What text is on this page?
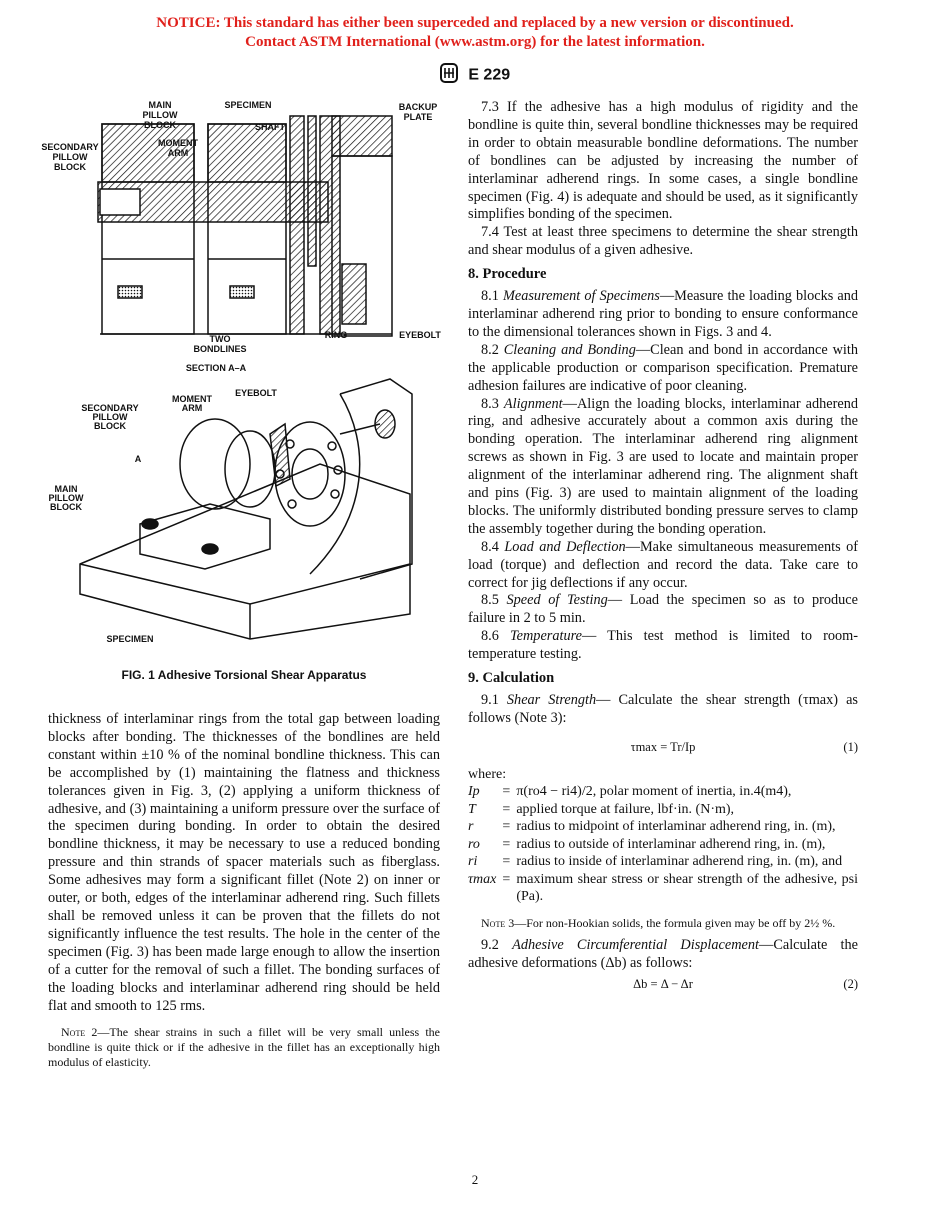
NOTICE: This standard has either been superceded and replaced by a new version or discontinued.
Contact ASTM International (www.astm.org) for the latest information.
E 229
MAIN
PILLOW
BLOCK
SPECIMEN
SHAFT
BACKUP
PLATE
SECONDARY
PILLOW
BLOCK
MOMENT
ARM
TWO
BONDLINES
RING	EYEBOLT
SECTION A–A
MOMENT
ARM
EYEBOLT
SECONDARY
PILLOW
BLOCK
A
MAIN
PILLOW
BLOCK
SPECIMEN
FIG. 1 Adhesive Torsional Shear Apparatus

thickness of interlaminar rings from the total gap between loading blocks after bonding. The thicknesses of the bondlines are held constant within ±10 % of the nominal bondline thickness. This can be accomplished by (1) maintaining the flatness and thickness tolerances given in Fig. 3, (2) applying a uniform thickness of adhesive, and (3) maintaining a uniform pressure over the surface of the specimen during bonding. In order to obtain the desired bondline thickness, it may be necessary to use a reduced bonding pressure and thin strands of spacer materials such as fiberglass. Some adhesives may form a significant fillet (Note 2) on inner or outer, or both, edges of the interlaminar adherend ring. Such fillets shall be removed unless it can be proven that the fillets do not significantly influence the test results. The hole in the center of the specimen (Fig. 3) has been made large enough to allow the insertion of a cutter for the removal of such a fillet. The bonding surfaces of the loading blocks and interlaminar adherend ring should be held flat and smooth to 125 rms.

Note 2—The shear strains in such a fillet will be very small unless the bondline is quite thick or if the adhesive in the fillet has an exceptionally high modulus of elasticity.

7.3 If the adhesive has a high modulus of rigidity and the bondline is quite thin, several bondline thicknesses may be required in order to obtain measurable bondline deformations. The number of bondlines can be adjusted by increasing the number of interlaminar adherend rings. In some cases, a single bondline specimen (Fig. 4) is adequate and should be used, as it significantly simplifies bonding of the specimen.

7.4 Test at least three specimens to determine the shear strength and shear modulus of a given adhesive.

8. Procedure

8.1 Measurement of Specimens—Measure the loading blocks and interlaminar adherend ring prior to bonding to ensure conformance to the dimensional tolerances shown in Figs. 3 and 4.

8.2 Cleaning and Bonding—Clean and bond in accordance with the applicable production or comparison specification. Premature adhesion failures are indicative of poor cleaning.

8.3 Alignment—Align the loading blocks, interlaminar adherend ring, and adhesive accurately about a common axis during the bonding operation. The interlaminar adherend ring alignment screws as shown in Fig. 3 are used to locate and maintain proper alignment of the interlaminar adherend ring. The alignment shaft and pins (Fig. 3) are used to maintain alignment of the loading blocks. The uniformly distributed bonding pressure serves to clamp the assembly together during the bonding operation.

8.4 Load and Deflection—Make simultaneous measurements of load (torque) and deflection and record the data. Take care to correct for jig deflections if any occur.

8.5 Speed of Testing— Load the specimen so as to produce failure in 2 to 5 min.

8.6 Temperature— This test method is limited to room-temperature testing.

9. Calculation

9.1 Shear Strength— Calculate the shear strength (τmax) as follows (Note 3):

τmax = Tr/Ip	(1)
where:
Ip	=	π(ro4 − ri4)/2, polar moment of inertia, in.4(m4),
T	=	applied torque at failure, lbf·in. (N·m),
r	=	radius to midpoint of interlaminar adherend ring, in. (m),
ro	=	radius to outside of interlaminar adherend ring, in. (m),
ri	=	radius to inside of interlaminar adherend ring, in. (m), and
τmax	=	maximum shear stress or shear strength of the adhesive, psi (Pa).

Note 3—For non-Hookian solids, the formula given may be off by 2½ %.

9.2 Adhesive Circumferential Displacement—Calculate the adhesive deformations (Δb) as follows:

Δb = Δ − Δr	(2)
2
